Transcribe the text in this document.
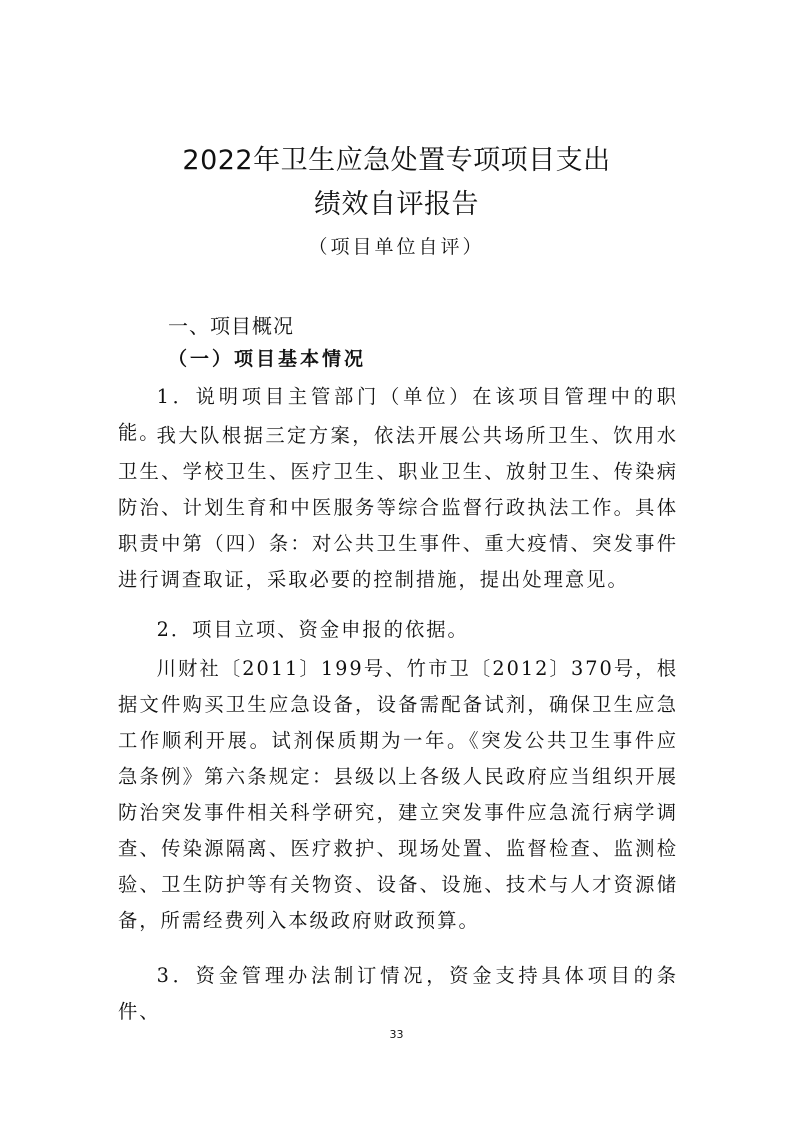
2022年卫生应急处置专项项目支出
绩效自评报告
（项目单位自评）
一、项目概况
（一）项目基本情况

1．说明项目主管部门（单位）在该项目管理中的职能。

我大队根据三定方案，依法开展公共场所卫生、饮用水卫生、学校卫生、医疗卫生、职业卫生、放射卫生、传染病防治、计划生育和中医服务等综合监督行政执法工作。具体职责中第（四）条：对公共卫生事件、重大疫情、突发事件进行调查取证，采取必要的控制措施，提出处理意见。

2．项目立项、资金申报的依据。

川财社〔2011〕199号、竹市卫〔2012〕370号，根据文件购买卫生应急设备，设备需配备试剂，确保卫生应急工作顺利开展。试剂保质期为一年。《突发公共卫生事件应急条例》第六条规定：县级以上各级人民政府应当组织开展防治突发事件相关科学研究，建立突发事件应急流行病学调查、传染源隔离、医疗救护、现场处置、监督检查、监测检验、卫生防护等有关物资、设备、设施、技术与人才资源储备，所需经费列入本级政府财政预算。

3．资金管理办法制订情况，资金支持具体项目的条件、

33
